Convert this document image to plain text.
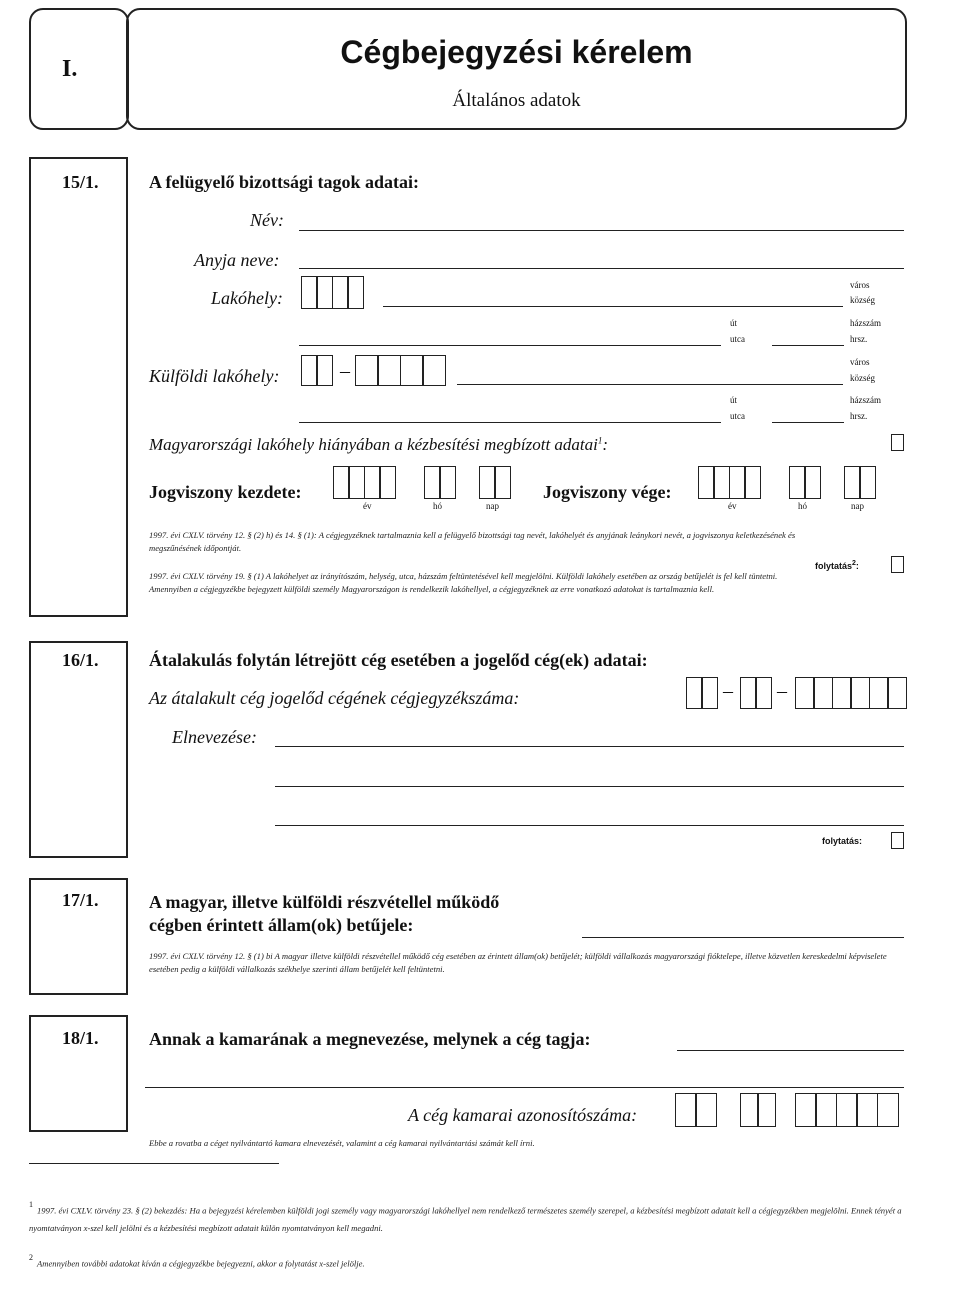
I.	Cégbejegyzési kérelem
Általános adatok
15/1.	A felügyelő bizottsági tagok adatai:
Név:
Anyja neve:
Lakóhely:
város
község
út
utca
házszám
hrsz.
Külföldi lakóhely:	–	város
község
út
utca
házszám
hrsz.
Magyarországi lakóhely hiányában a kézbesítési megbízott adatai$^1$:
Jogviszony kezdete:
év	hó	nap
Jogviszony vége:
év	hó	nap
1997. évi CXLV. törvény 12. § (2) h) és 14. § (1): A cégjegyzéknek tartalmaznia kell a felügyelő bizottsági tag nevét, lakóhelyét és anyjának leánykori nevét, a jogviszonya keletkezésének és megszűnésének időpontját.
1997. évi CXLV. törvény 19. § (1) A lakóhelyet az irányítószám, helység, utca, házszám feltüntetésével kell megjelölni. Külföldi lakóhely esetében az ország betűjelét is fel kell tüntetni. Amennyiben a cégjegyzékbe bejegyzett külföldi személy Magyarországon is rendelkezik lakóhellyel, a cégjegyzéknek az erre vonatkozó adatokat is tartalmaznia kell.
folytatás$^2$:
16/1.	Átalakulás folytán létrejött cég esetében a jogelőd cég(ek) adatai:
Az átalakult cég jogelőd cégének cégjegyzékszáma:	– –
Elnevezése:
folytatás:
17/1.	A magyar, illetve külföldi részvétellel működő
cégben érintett állam(ok) betűjele:
1997. évi CXLV. törvény 12. § (1) bi A magyar illetve külföldi részvétellel működő cég esetében az érintett állam(ok) betűjelét; külföldi vállalkozás magyarországi fióktelepe, illetve közvetlen kereskedelmi képviselete esetében pedig a külföldi vállalkozás székhelye szerinti állam betűjelét kell feltüntetni.
18/1.	Annak a kamarának a megnevezése, melynek a cég tagja:
A cég kamarai azonosítószáma:
Ebbe a rovatba a céget nyilvántartó kamara elnevezését, valamint a cég kamarai nyilvántartási számát kell írni.
$^1$ 1997. évi CXLV. törvény 23. § (2) bekezdés: Ha a bejegyzési kérelemben külföldi jogi személy vagy magyarországi lakóhellyel nem rendelkező természetes személy szerepel, a kézbesítési megbízott adatait kell a cégjegyzékben megjelölni. Ennek tényét a nyomtatványon x-szel kell jelölni és a kézbesítési megbízott adatait külön nyomtatványon kell megadni.
$^2$ Amennyiben további adatokat kíván a cégjegyzékbe bejegyezni, akkor a folytatást x-szel jelölje.
